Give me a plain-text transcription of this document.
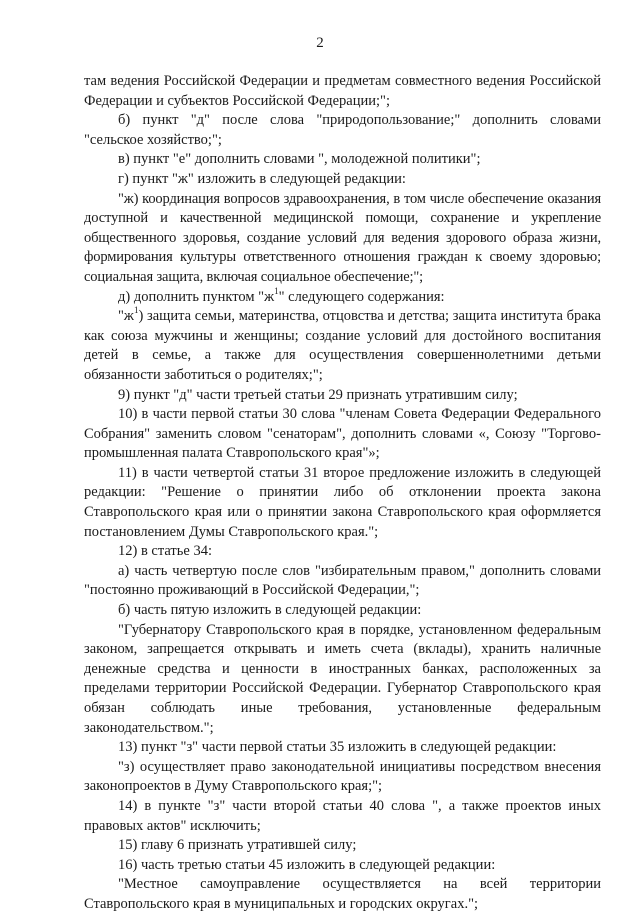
2

там ведения Российской Федерации и предметам совместного ведения Российской Федерации и субъектов Российской Федерации;";

б) пункт "д" после слова "природопользование;" дополнить словами "сельское хозяйство;";

в) пункт "е" дополнить словами ", молодежной политики";

г) пункт "ж" изложить в следующей редакции:

"ж) координация вопросов здравоохранения, в том числе обеспечение оказания доступной и качественной медицинской помощи, сохранение и укрепление общественного здоровья, создание условий для ведения здорового образа жизни, формирования культуры ответственного отношения граждан к своему здоровью; социальная защита, включая социальное обеспечение;";

д) дополнить пунктом "$ж^1$" следующего содержания:

"$ж^1$) защита семьи, материнства, отцовства и детства; защита института брака как союза мужчины и женщины; создание условий для достойного воспитания детей в семье, а также для осуществления совершеннолетними детьми обязанности заботиться о родителях;";

9) пункт "д" части третьей статьи 29 признать утратившим силу;

10) в части первой статьи 30 слова "членам Совета Федерации Федерального Собрания" заменить словом "сенаторам", дополнить словами «, Союзу "Торгово-промышленная палата Ставропольского края"»;

11) в части четвертой статьи 31 второе предложение изложить в следующей редакции: "Решение о принятии либо об отклонении проекта закона Ставропольского края или о принятии закона Ставропольского края оформляется постановлением Думы Ставропольского края.";

12) в статье 34:

а) часть четвертую после слов "избирательным правом," дополнить словами "постоянно проживающий в Российской Федерации,";

б) часть пятую изложить в следующей редакции:

"Губернатору Ставропольского края в порядке, установленном федеральным законом, запрещается открывать и иметь счета (вклады), хранить наличные денежные средства и ценности в иностранных банках, расположенных за пределами территории Российской Федерации. Губернатор Ставропольского края обязан соблюдать иные требования, установленные федеральным законодательством.";

13) пункт "з" части первой статьи 35 изложить в следующей редакции:

"з) осуществляет право законодательной инициативы посредством внесения законопроектов в Думу Ставропольского края;";

14) в пункте "з" части второй статьи 40 слова ", а также проектов иных правовых актов" исключить;

15) главу 6 признать утратившей силу;

16) часть третью статьи 45 изложить в следующей редакции:

"Местное самоуправление осуществляется на всей территории Ставропольского края в муниципальных и городских округах.";
